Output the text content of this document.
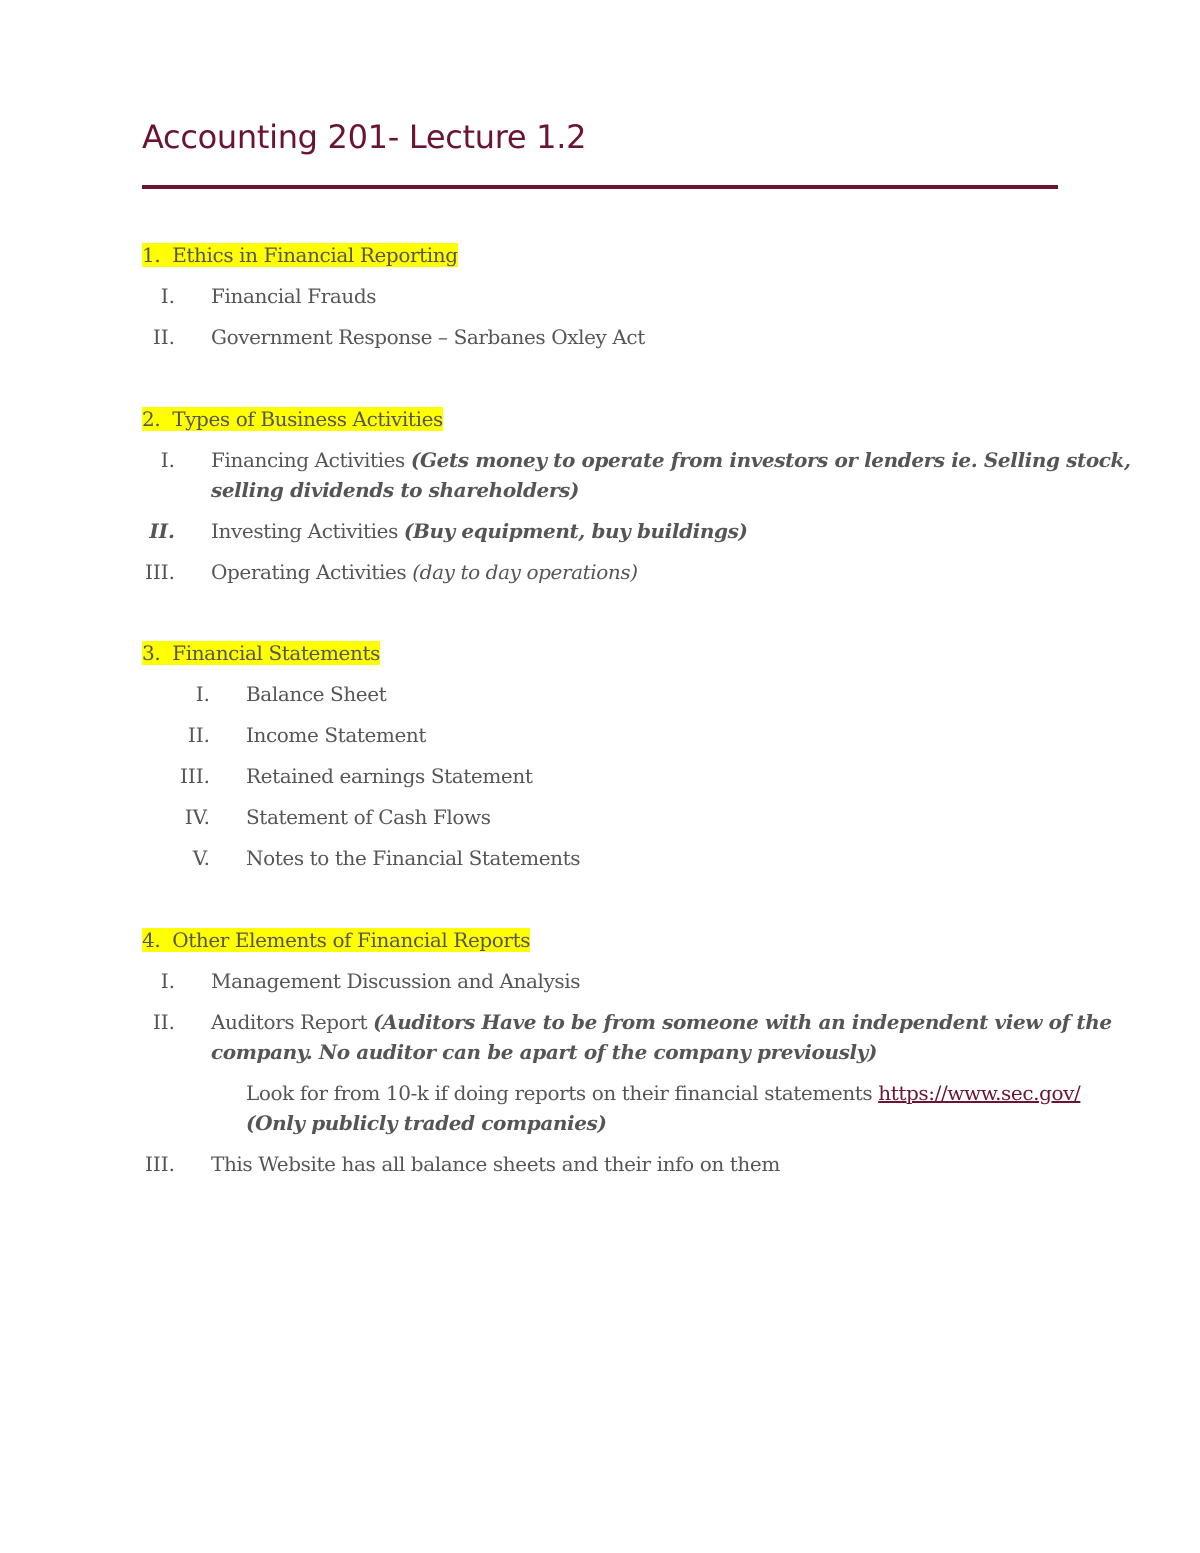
Accounting 201- Lecture 1.2
1. Ethics in Financial Reporting
I. Financial Frauds
II. Government Response – Sarbanes Oxley Act
2. Types of Business Activities
I. Financing Activities (Gets money to operate from investors or lenders ie. Selling stock,
selling dividends to shareholders)
II. Investing Activities (Buy equipment, buy buildings)
III. Operating Activities (day to day operations)
3. Financial Statements
I. Balance Sheet
II. Income Statement
III. Retained earnings Statement
IV. Statement of Cash Flows
V. Notes to the Financial Statements
4. Other Elements of Financial Reports
I. Management Discussion and Analysis
II. Auditors Report (Auditors Have to be from someone with an independent view of the
company. No auditor can be apart of the company previously)
Look for from 10-k if doing reports on their financial statements https://www.sec.gov/
(Only publicly traded companies)
III. This Website has all balance sheets and their info on them
